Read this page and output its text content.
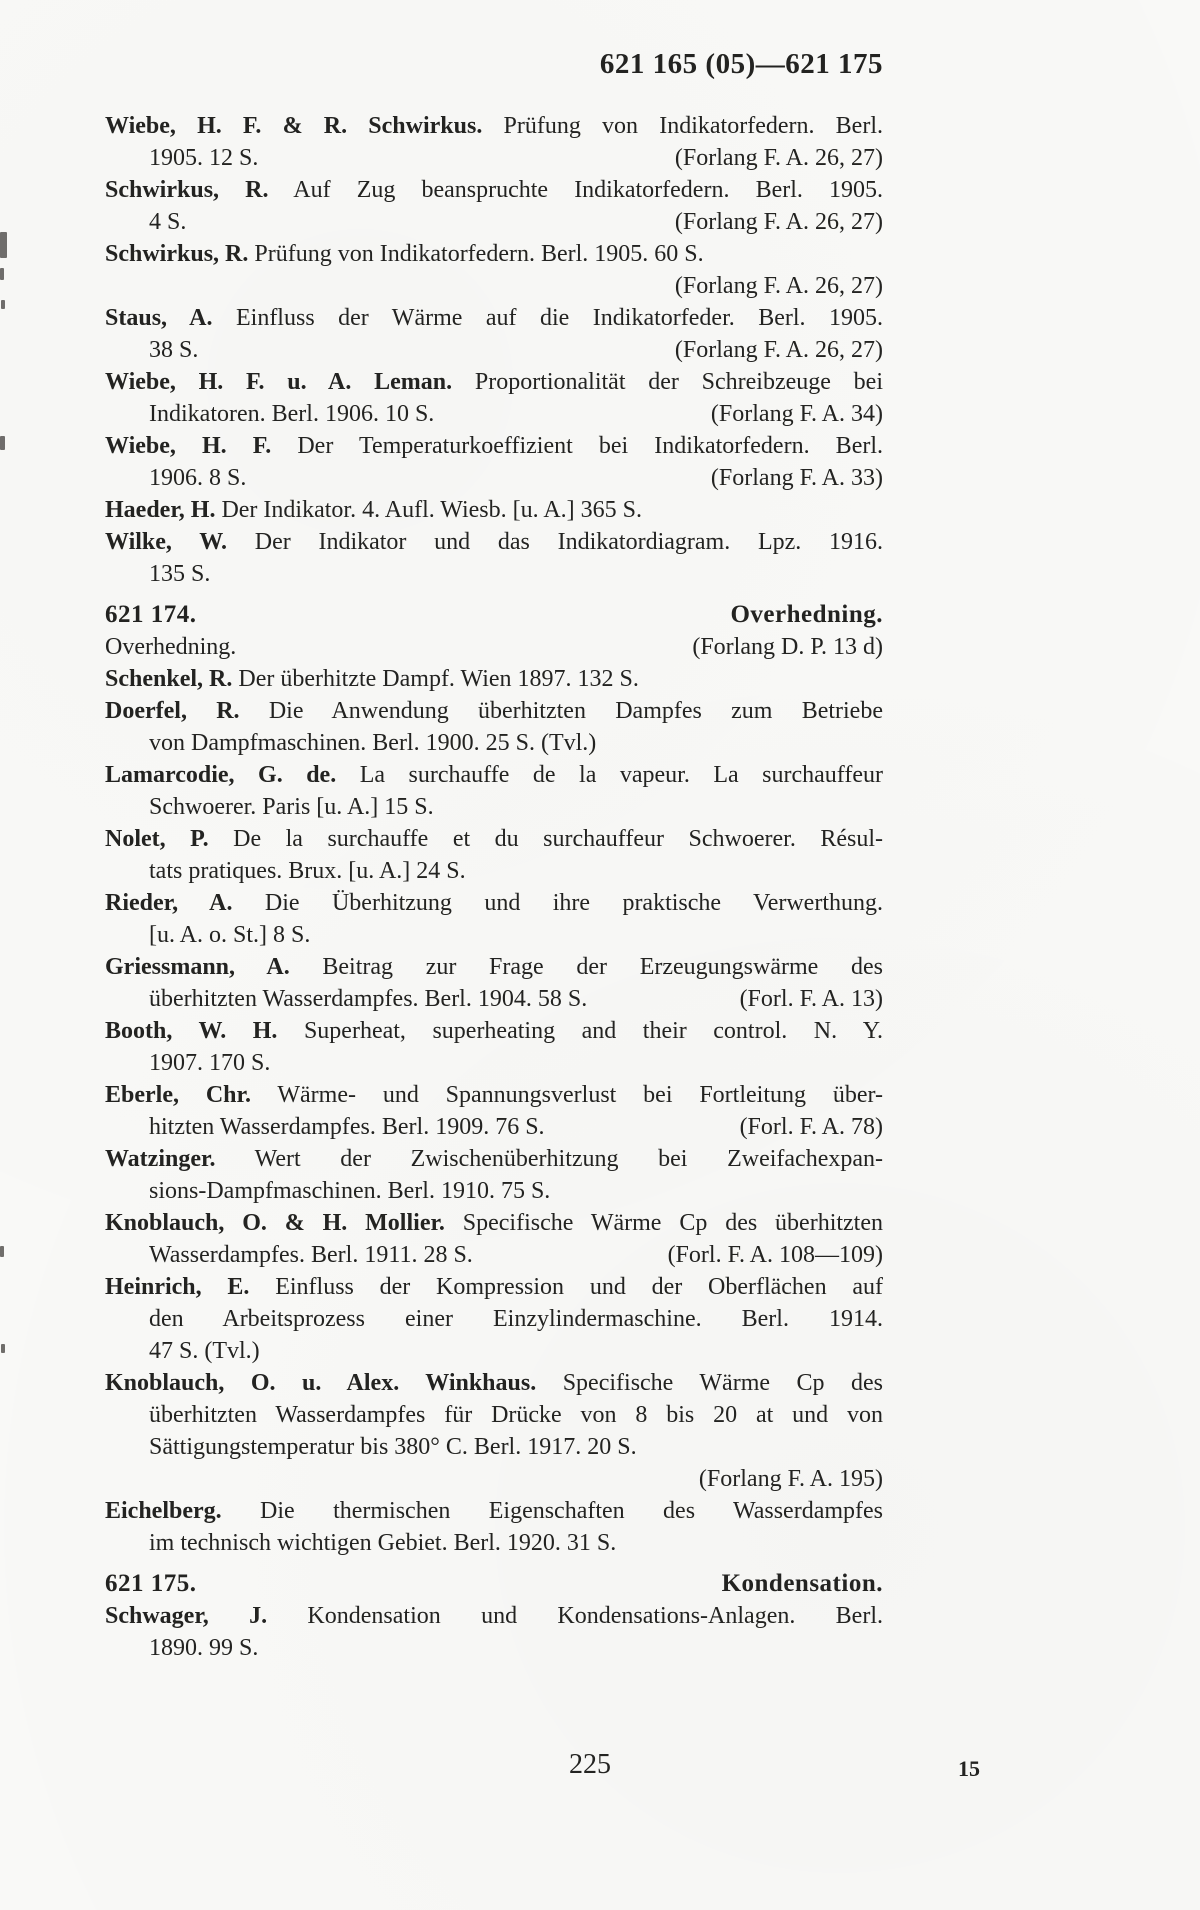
621 165 (05)—621 175
Wiebe, H. F. & R. Schwirkus. Prüfung von Indikatorfedern. Berl.
1905. 12 S.	(Forlang F. A. 26, 27)
Schwirkus, R. Auf Zug beanspruchte Indikatorfedern. Berl. 1905.
4 S.	(Forlang F. A. 26, 27)
Schwirkus, R. Prüfung von Indikatorfedern. Berl. 1905. 60 S.
(Forlang F. A. 26, 27)
Staus, A. Einfluss der Wärme auf die Indikatorfeder. Berl. 1905.
38 S.	(Forlang F. A. 26, 27)
Wiebe, H. F. u. A. Leman. Proportionalität der Schreibzeuge bei
Indikatoren. Berl. 1906. 10 S.	(Forlang F. A. 34)
Wiebe, H. F. Der Temperaturkoeffizient bei Indikatorfedern. Berl.
1906. 8 S.	(Forlang F. A. 33)
Haeder, H. Der Indikator. 4. Aufl. Wiesb. [u. A.] 365 S.
Wilke, W. Der Indikator und das Indikatordiagram. Lpz. 1916.
135 S.
621 174.	Overhedning.
Overhedning.	(Forlang D. P. 13 d)
Schenkel, R. Der überhitzte Dampf. Wien 1897. 132 S.
Doerfel, R. Die Anwendung überhitzten Dampfes zum Betriebe
von Dampfmaschinen. Berl. 1900. 25 S. (Tvl.)
Lamarcodie, G. de. La surchauffe de la vapeur. La surchauffeur
Schwoerer. Paris [u. A.] 15 S.
Nolet, P. De la surchauffe et du surchauffeur Schwoerer. Résul-
tats pratiques. Brux. [u. A.] 24 S.
Rieder, A. Die Überhitzung und ihre praktische Verwerthung.
[u. A. o. St.] 8 S.
Griessmann, A. Beitrag zur Frage der Erzeugungswärme des
überhitzten Wasserdampfes. Berl. 1904. 58 S.	(Forl. F. A. 13)
Booth, W. H. Superheat, superheating and their control. N. Y.
1907. 170 S.
Eberle, Chr. Wärme- und Spannungsverlust bei Fortleitung über-
hitzten Wasserdampfes. Berl. 1909. 76 S.	(Forl. F. A. 78)
Watzinger. Wert der Zwischenüberhitzung bei Zweifachexpan-
sions-Dampfmaschinen. Berl. 1910. 75 S.
Knoblauch, O. & H. Mollier. Specifische Wärme Cp des überhitzten
Wasserdampfes. Berl. 1911. 28 S.	(Forl. F. A. 108—109)
Heinrich, E. Einfluss der Kompression und der Oberflächen auf
den Arbeitsprozess einer Einzylindermaschine. Berl. 1914.
47 S. (Tvl.)
Knoblauch, O. u. Alex. Winkhaus. Specifische Wärme Cp des
überhitzten Wasserdampfes für Drücke von 8 bis 20 at und von
Sättigungstemperatur bis 380° C. Berl. 1917. 20 S.
(Forlang F. A. 195)
Eichelberg. Die thermischen Eigenschaften des Wasserdampfes
im technisch wichtigen Gebiet. Berl. 1920. 31 S.
621 175.	Kondensation.
Schwager, J. Kondensation und Kondensations-Anlagen. Berl.
1890. 99 S.
225	15
